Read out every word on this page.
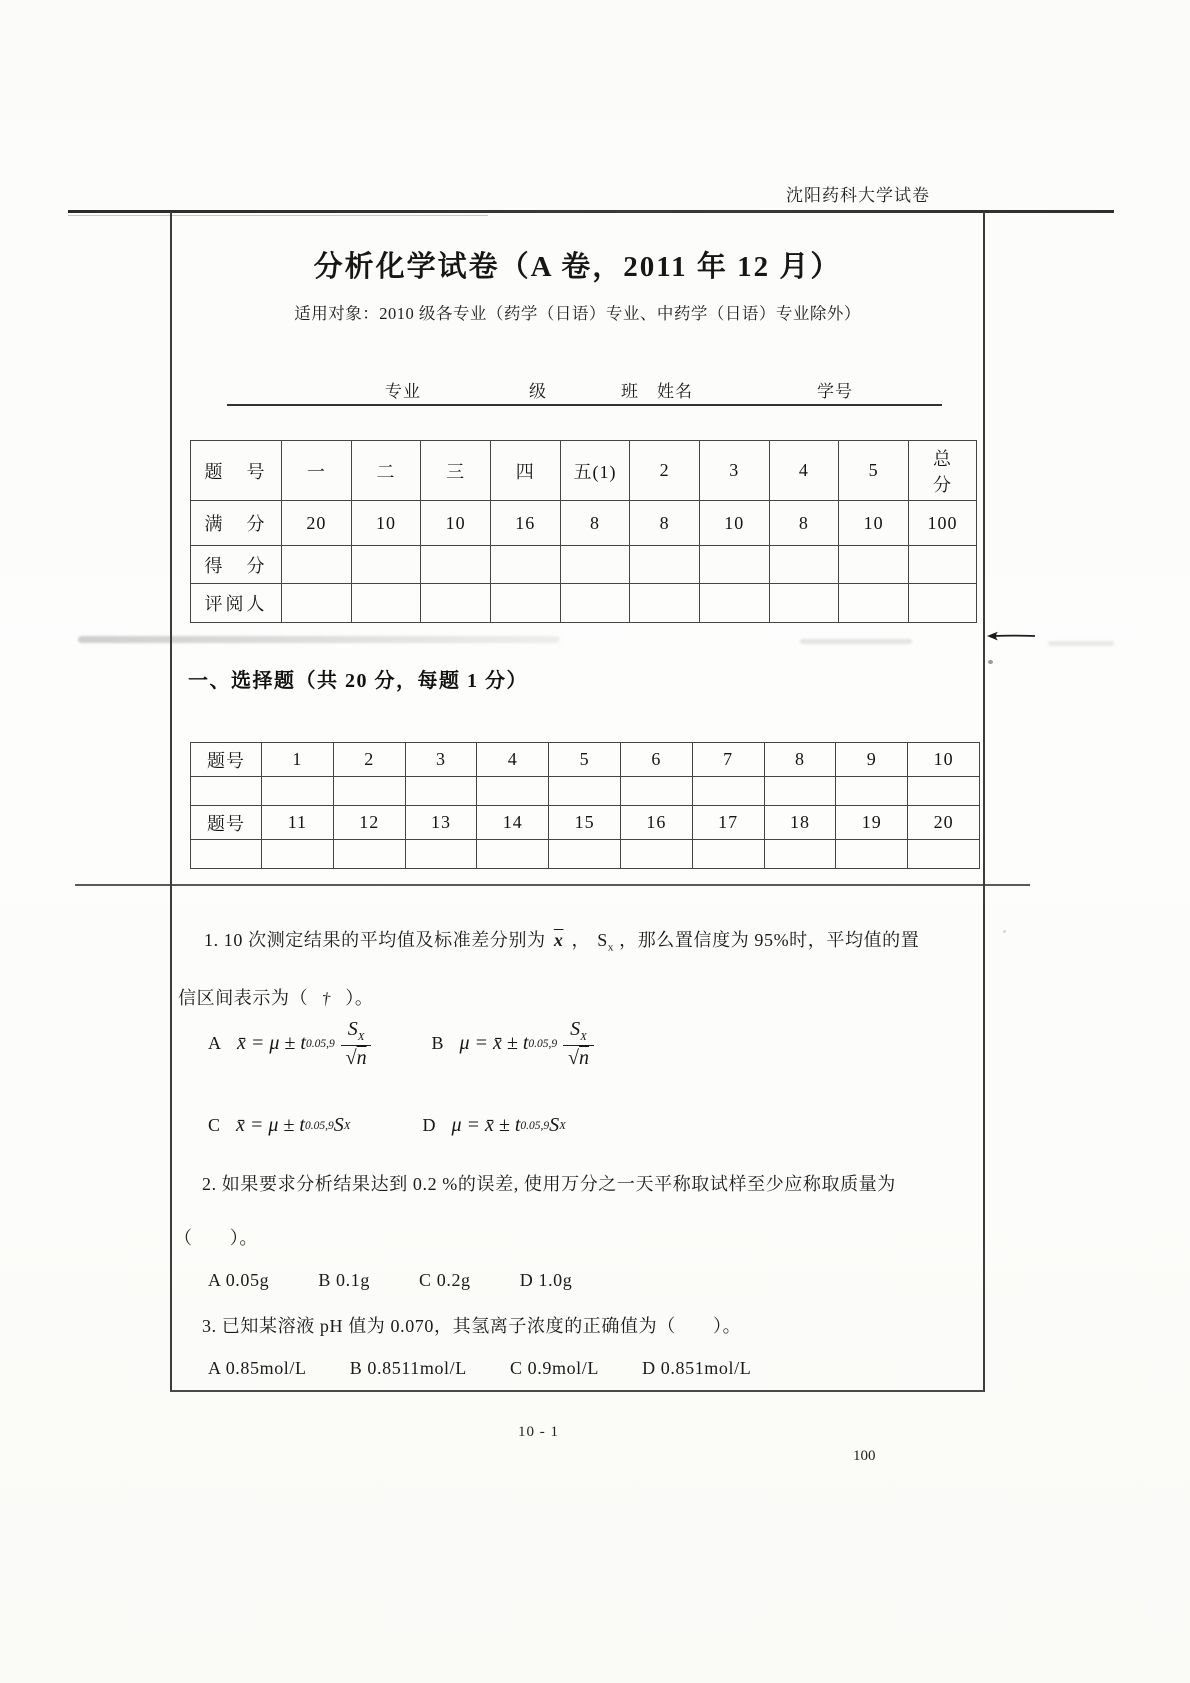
沈阳药科大学试卷
分析化学试卷（A 卷，2011 年 12 月）
适用对象：2010 级各专业（药学（日语）专业、中药学（日语）专业除外）
专业	级	班 姓名	学号
题　号	一	二	三	四	五(1)	2	3	4	5	总
分
满　分	20	10	10	16	8	8	10	8	10	100
得　分										
评阅人										
一、选择题（共 20 分，每题 1 分）
题号	1	2	3	4	5	6	7	8	9	10

题号	11	12	13	14	15	16	17	18	19	20

1. 10 次测定结果的平均值及标准差分别为 $\overline{x}$ ， $S_x$ ，那么置信度为 95%时，平均值的置
信区间表示为（ † ）。
A x̄ = μ ± t $0.05,9 \frac{S_X}{√n}$	B μ = x̄ ± t $0.05,9 \frac{S_X}{√n}$
C x̄ = μ ± t 0.05,9 S X	D μ = x̄ ± t 0.05,9 S X
2. 如果要求分析结果达到 0.2 %的误差, 使用万分之一天平称取试样至少应称取质量为
（　　）。
A 0.05g	B 0.1g	C 0.2g	D 1.0g
3. 已知某溶液 pH 值为 0.070，其氢离子浓度的正确值为（　　）。
A 0.85mol/L B 0.8511mol/L C 0.9mol/L D 0.851mol/L
10 - 1
100
